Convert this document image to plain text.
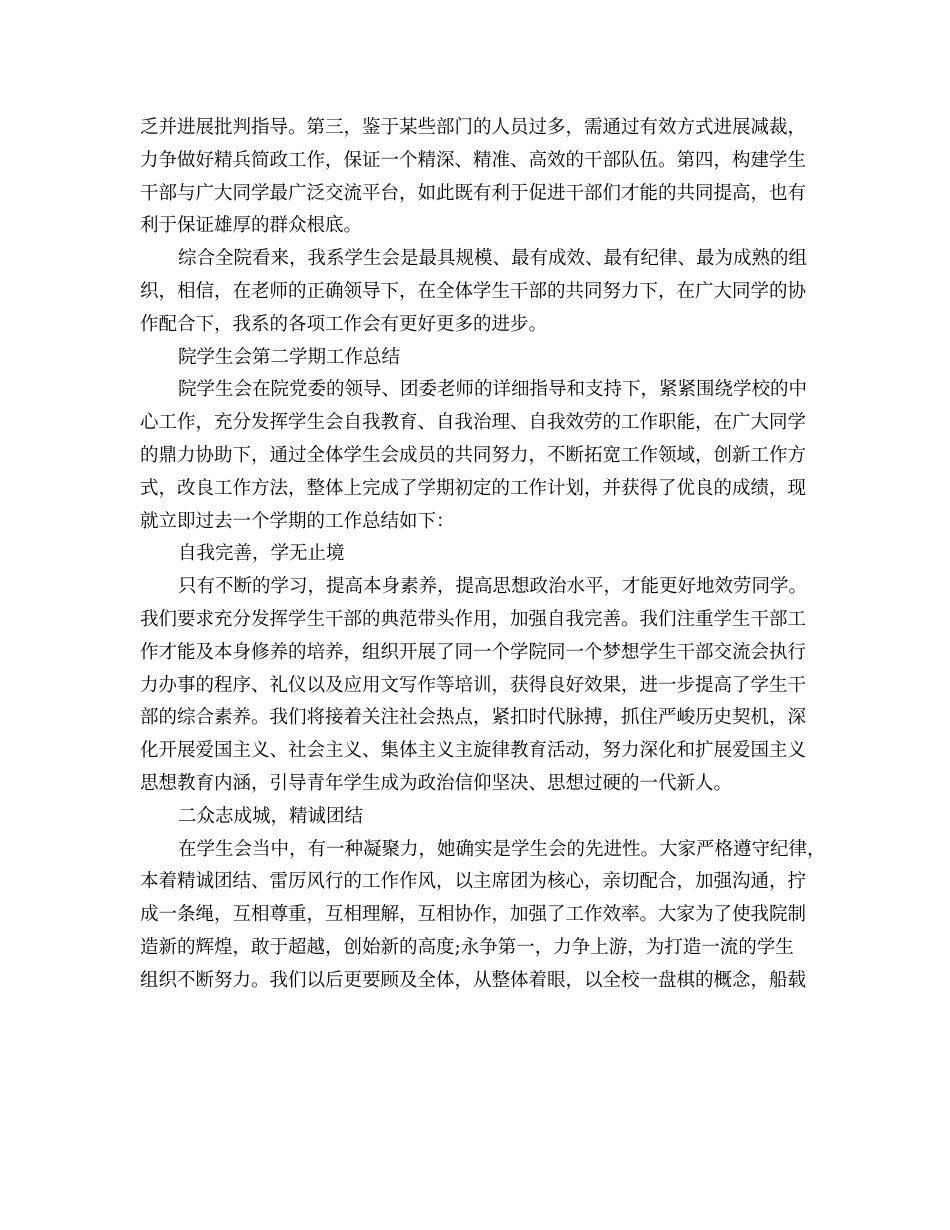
乏并进展批判指导。第三，鉴于某些部门的人员过多，需通过有效方式进展减裁，
力争做好精兵简政工作，保证一个精深、精准、高效的干部队伍。第四，构建学生
干部与广大同学最广泛交流平台，如此既有利于促进干部们才能的共同提高，也有
利于保证雄厚的群众根底。
综合全院看来，我系学生会是最具规模、最有成效、最有纪律、最为成熟的组
织，相信，在老师的正确领导下，在全体学生干部的共同努力下，在广大同学的协
作配合下，我系的各项工作会有更好更多的进步。
院学生会第二学期工作总结
院学生会在院党委的领导、团委老师的详细指导和支持下，紧紧围绕学校的中
心工作，充分发挥学生会自我教育、自我治理、自我效劳的工作职能，在广大同学
的鼎力协助下，通过全体学生会成员的共同努力，不断拓宽工作领域，创新工作方
式，改良工作方法，整体上完成了学期初定的工作计划，并获得了优良的成绩，现
就立即过去一个学期的工作总结如下：
自我完善，学无止境
只有不断的学习，提高本身素养，提高思想政治水平，才能更好地效劳同学。
我们要求充分发挥学生干部的典范带头作用，加强自我完善。我们注重学生干部工
作才能及本身修养的培养，组织开展了同一个学院同一个梦想学生干部交流会执行
力办事的程序、礼仪以及应用文写作等培训，获得良好效果，进一步提高了学生干
部的综合素养。我们将接着关注社会热点，紧扣时代脉搏，抓住严峻历史契机，深
化开展爱国主义、社会主义、集体主义主旋律教育活动，努力深化和扩展爱国主义
思想教育内涵，引导青年学生成为政治信仰坚决、思想过硬的一代新人。
二众志成城，精诚团结
在学生会当中，有一种凝聚力，她确实是学生会的先进性。大家严格遵守纪律，
本着精诚团结、雷厉风行的工作作风，以主席团为核心，亲切配合，加强沟通，拧
成一条绳，互相尊重，互相理解，互相协作，加强了工作效率。大家为了使我院制
造新的辉煌，敢于超越，创始新的高度;永争第一，力争上游，为打造一流的学生
组织不断努力。我们以后更要顾及全体，从整体着眼，以全校一盘棋的概念，船载
